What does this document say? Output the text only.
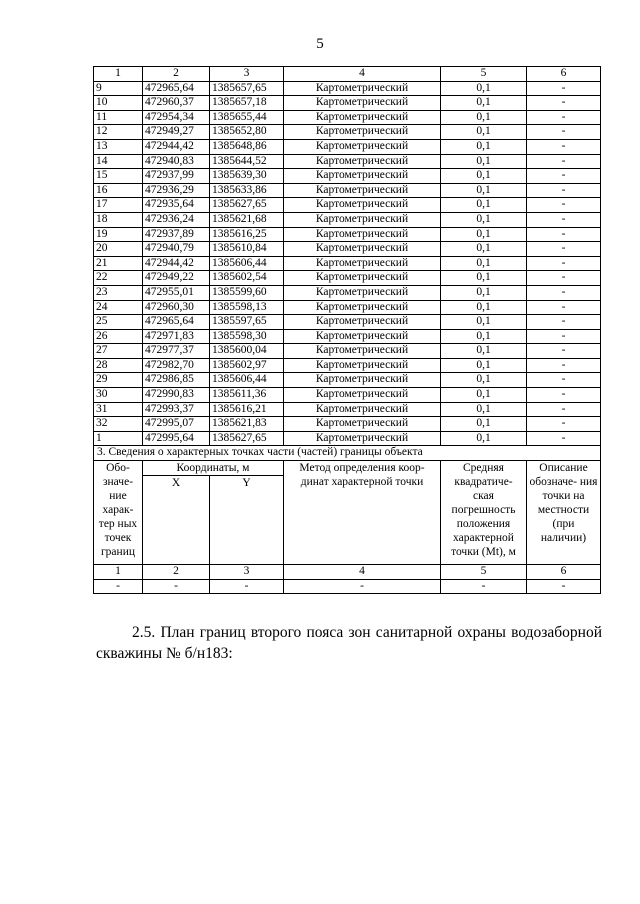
5
1	2	3	4	5	6
9	472965,64	1385657,65	Картометрический	0,1	-
10	472960,37	1385657,18	Картометрический	0,1	-
11	472954,34	1385655,44	Картометрический	0,1	-
12	472949,27	1385652,80	Картометрический	0,1	-
13	472944,42	1385648,86	Картометрический	0,1	-
14	472940,83	1385644,52	Картометрический	0,1	-
15	472937,99	1385639,30	Картометрический	0,1	-
16	472936,29	1385633,86	Картометрический	0,1	-
17	472935,64	1385627,65	Картометрический	0,1	-
18	472936,24	1385621,68	Картометрический	0,1	-
19	472937,89	1385616,25	Картометрический	0,1	-
20	472940,79	1385610,84	Картометрический	0,1	-
21	472944,42	1385606,44	Картометрический	0,1	-
22	472949,22	1385602,54	Картометрический	0,1	-
23	472955,01	1385599,60	Картометрический	0,1	-
24	472960,30	1385598,13	Картометрический	0,1	-
25	472965,64	1385597,65	Картометрический	0,1	-
26	472971,83	1385598,30	Картометрический	0,1	-
27	472977,37	1385600,04	Картометрический	0,1	-
28	472982,70	1385602,97	Картометрический	0,1	-
29	472986,85	1385606,44	Картометрический	0,1	-
30	472990,83	1385611,36	Картометрический	0,1	-
31	472993,37	1385616,21	Картометрический	0,1	-
32	472995,07	1385621,83	Картометрический	0,1	-
1	472995,64	1385627,65	Картометрический	0,1	-
3. Сведения о характерных точках части (частей) границы объекта					
Обо- значе- ние харак- тер ных точек границ	Координаты, м		Метод определения коор- динат характерной точки	Средняя квадратиче- ская погрешность положения характерной точки (Mt), м	Описание обозначе- ния точки на местности (при наличии)
	X	Y			
1	2	3	4	5	6
-	-	-	-	-	-
2.5. План границ второго пояса зон санитарной охраны водозаборной скважины № б/н183:
